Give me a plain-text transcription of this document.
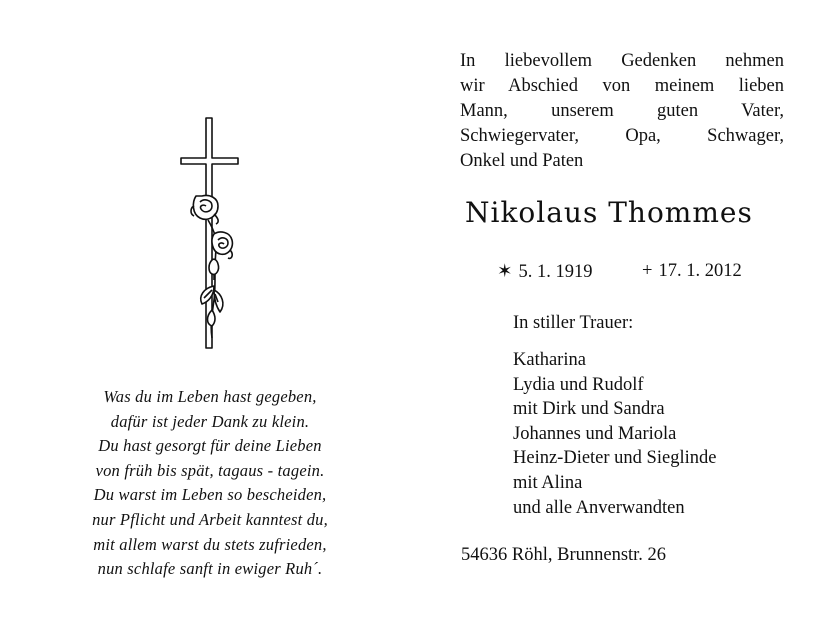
Was du im Leben hast gegeben,
dafür ist jeder Dank zu klein.
Du hast gesorgt für deine Lieben
von früh bis spät, tagaus - tagein.
Du warst im Leben so bescheiden,
nur Pflicht und Arbeit kanntest du,
mit allem warst du stets zufrieden,
nun schlafe sanft in ewiger Ruh´.
In liebevollem Gedenken nehmen
wir Abschied von meinem lieben
Mann, unserem guten Vater,
Schwiegervater, Opa, Schwager,
Onkel und Paten
Nikolaus Thommes
✶ 5. 1. 1919	+ 17. 1. 2012
In stiller Trauer:
Katharina
Lydia und Rudolf
mit Dirk und Sandra
Johannes und Mariola
Heinz-Dieter und Sieglinde
mit Alina
und alle Anverwandten
54636 Röhl, Brunnenstr. 26
